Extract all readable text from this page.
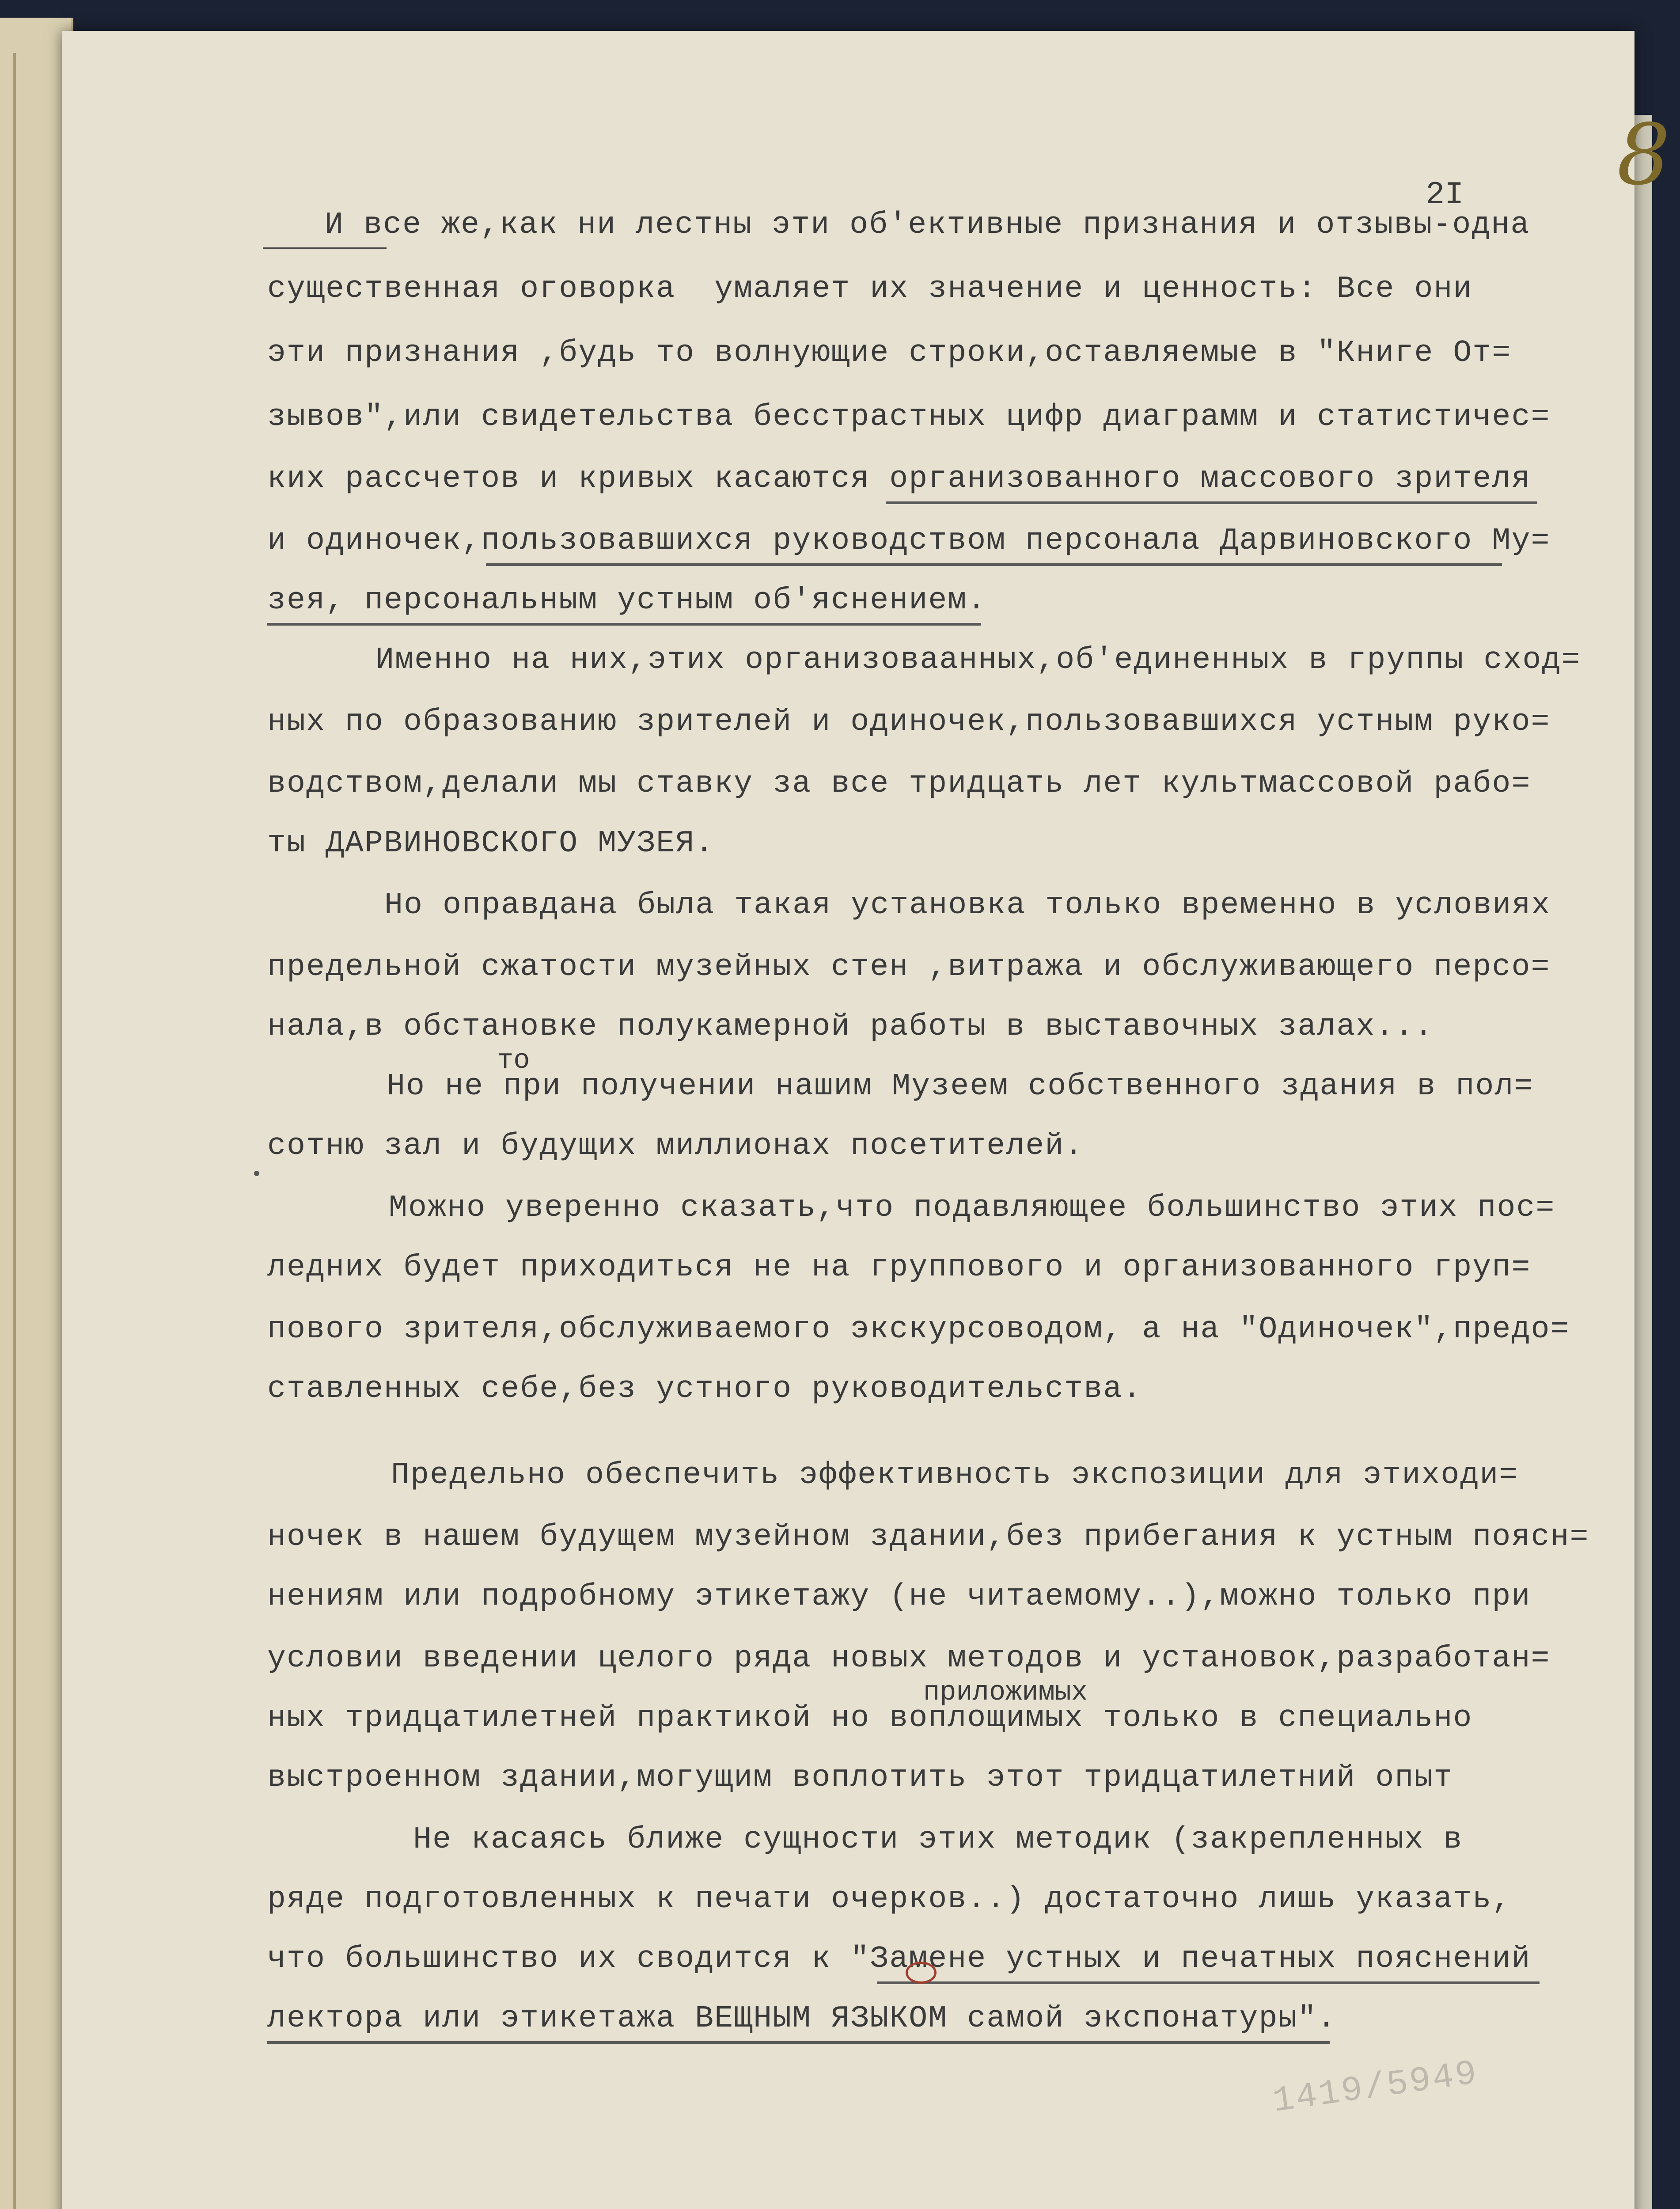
2I 8
И все же,как ни лестны эти об'ективные признания и отзывы-одна
существенная оговорка  умаляет их значение и ценность: Все они
эти признания ,будь то волнующие строки,оставляемые в "Книге От=
зывов",или свидетельства бесстрастных цифр диаграмм и статистичес=
ких рассчетов и кривых касаются организованного массового зрителя
и одиночек,пользовавшихся руководством персонала Дарвиновского Му=
зея, персональным устным об'яснением.
Именно на них,этих организоваанных,об'единенных в группы сход=
ных по образованию зрителей и одиночек,пользовавшихся устным руко=
водством,делали мы ставку за все тридцать лет культмассовой рабо=
ты ДАРВИНОВСКОГО МУЗЕЯ.
Но оправдана была такая установка только временно в условиях
предельной сжатости музейных стен ,витража и обслуживающего персо=
нала,в обстановке полукамерной работы в выставочных залах...
то
Но не при получении нашим Музеем собственного здания в пол=
сотню зал и будущих миллионах посетителей.
Можно уверенно сказать,что подавляющее большинство этих пос=
ледних будет приходиться не на группового и организованного груп=
пового зрителя,обслуживаемого экскурсоводом, а на "Одиночек",предо=
ставленных себе,без устного руководительства.
Предельно обеспечить эффективность экспозиции для этиходи=
ночек в нашем будущем музейном здании,без прибегания к устным поясн=
нениям или подробному этикетажу (не читаемому..),можно только при
условии введении целого ряда новых методов и установок,разработан=
приложимых
ных тридцатилетней практикой но воплощимых только в специально
выстроенном здании,могущим воплотить этот тридцатилетний опыт
Не касаясь ближе сущности этих методик (закрепленных в
ряде подготовленных к печати очерков..) достаточно лишь указать,
что большинство их сводится к "Замене устных и печатных пояснений
лектора или этикетажа ВЕЩНЫМ ЯЗЫКОМ самой экспонатуры".
1419/5949
